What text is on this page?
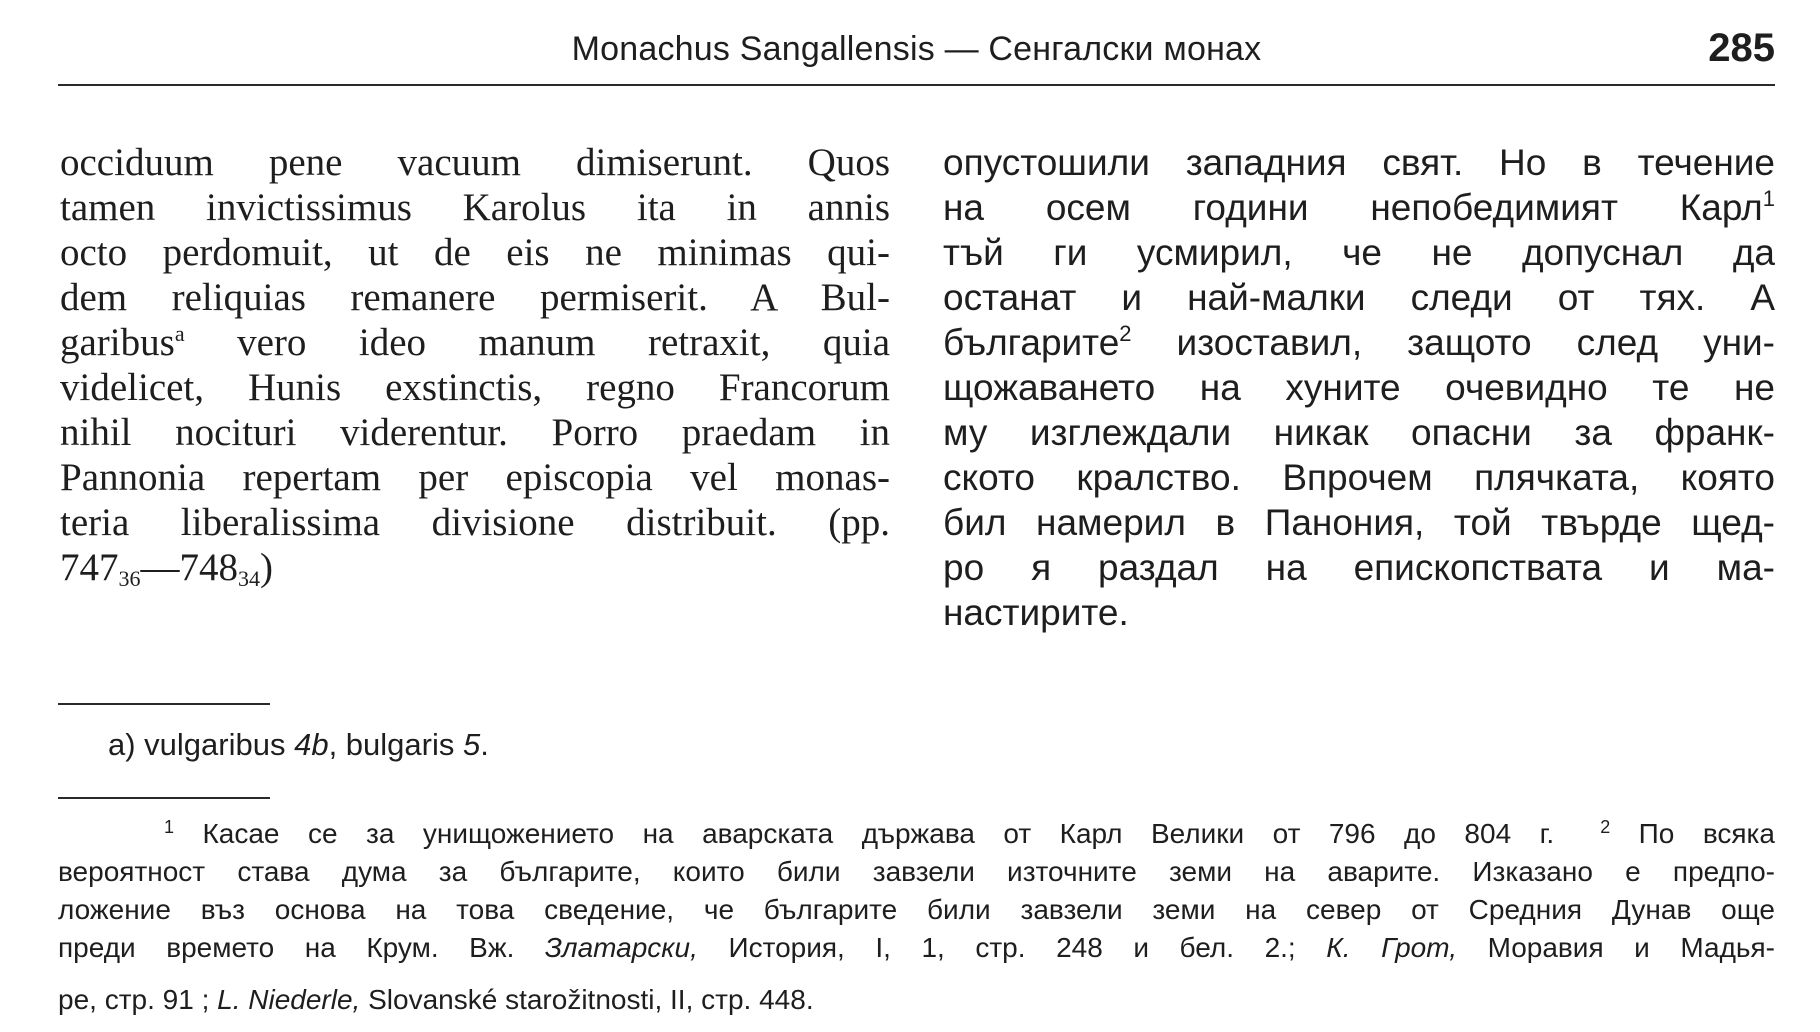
Monachus Sangallensis — Сенгалски монах	285
occiduum pene vacuum dimiserunt. Quos
tamen invictissimus Karolus ita in annis
octo perdomuit, ut de eis ne minimas qui-
dem reliquias remanere permiserit. A Bul-
garibus$^a$ vero ideo manum retraxit, quia
videlicet, Hunis exstinctis, regno Francorum
nihil nocituri viderentur. Porro praedam in
Pannonia repertam per episcopia vel monas-
teria liberalissima divisione distribuit. (pp.
$747_{36}—748_{34}$)
опустошили западния свят. Но в течение
на осем години непобедимият Карл$^1$
тъй ги усмирил, че не допуснал да
останат и най-малки следи от тях. А
българите$^2$ изоставил, защото след уни-
щожаването на хуните очевидно те не
му изглеждали никак опасни за франк-
ското кралство. Впрочем плячката, която
бил намерил в Панония, той твърде щед-
ро я раздал на епископствата и ма-
настирите.
a) vulgaribus 4b, bulgaris 5.
$^1$ Касае се за унищожението на аварската държава от Карл Велики от 796 до 804 г.	$^2$ По всяка
вероятност става дума за българите, които били завзели източните земи на аварите. Изказано е предпо-
ложение въз основа на това сведение, че българите били завзели земи на север от Средния Дунав още
преди времето на Крум. Вж. Златарски, История, I, 1, стр. 248 и бел. 2.; К. Грот, Моравия и Мадья-
ре, стр. 91 ; L. Niederle, Slovanské starožitnosti, II, стр. 448.
